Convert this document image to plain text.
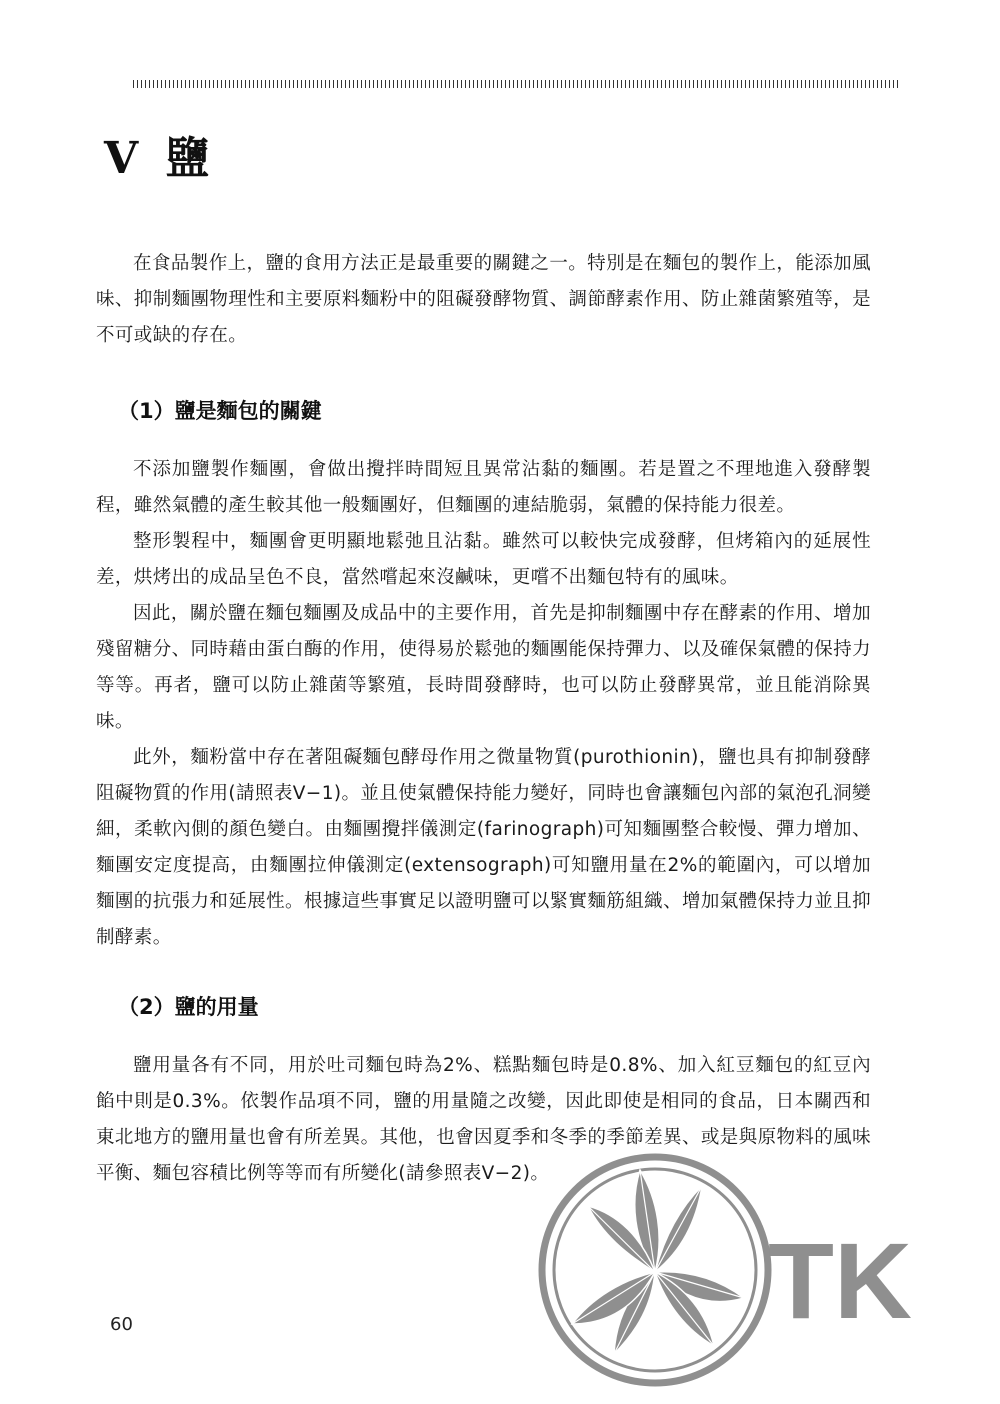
V 鹽

在食品製作上，鹽的食用方法正是最重要的關鍵之一。特別是在麵包的製作上，能添加風味、抑制麵團物理性和主要原料麵粉中的阻礙發酵物質、調節酵素作用、防止雜菌繁殖等，是不可或缺的存在。

（1）鹽是麵包的關鍵

不添加鹽製作麵團，會做出攪拌時間短且異常沾黏的麵團。若是置之不理地進入發酵製程，雖然氣體的產生較其他一般麵團好，但麵團的連結脆弱，氣體的保持能力很差。

整形製程中，麵團會更明顯地鬆弛且沾黏。雖然可以較快完成發酵，但烤箱內的延展性差，烘烤出的成品呈色不良，當然嚐起來沒鹹味，更嚐不出麵包特有的風味。

因此，關於鹽在麵包麵團及成品中的主要作用，首先是抑制麵團中存在酵素的作用、增加殘留糖分、同時藉由蛋白酶的作用，使得易於鬆弛的麵團能保持彈力、以及確保氣體的保持力等等。再者，鹽可以防止雜菌等繁殖，長時間發酵時，也可以防止發酵異常，並且能消除異味。

此外，麵粉當中存在著阻礙麵包酵母作用之微量物質(purothionin)，鹽也具有抑制發酵阻礙物質的作用(請照表Ⅴ−1)。並且使氣體保持能力變好，同時也會讓麵包內部的氣泡孔洞變細，柔軟內側的顏色變白。由麵團攪拌儀測定(farinograph)可知麵團整合較慢、彈力增加、麵團安定度提高，由麵團拉伸儀測定(extensograph)可知鹽用量在2%的範圍內，可以增加麵團的抗張力和延展性。根據這些事實足以證明鹽可以緊實麵筋組織、增加氣體保持力並且抑制酵素。

（2）鹽的用量

鹽用量各有不同，用於吐司麵包時為2%、糕點麵包時是0.8%、加入紅豆麵包的紅豆內餡中則是0.3%。依製作品項不同，鹽的用量隨之改變，因此即使是相同的食品，日本關西和東北地方的鹽用量也會有所差異。其他，也會因夏季和冬季的季節差異、或是與原物料的風味平衡、麵包容積比例等等而有所變化(請參照表Ⅴ−2)。

60	TK
